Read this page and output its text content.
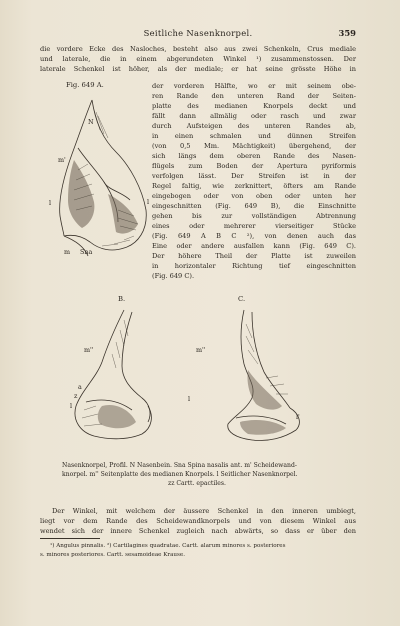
Seitliche Nasenknorpel.	359
die vordere Ecke des Nasloches, besteht also aus zwei Schenkeln, Crus mediale
und laterale, die in einem abgerundeten Winkel ¹) zusammenstossen. Der
laterale Schenkel ist höher, als der mediale; er hat seine grösste Höhe in
Fig. 649 A.	der vorderen Hälfte, wo er mit seinem obe-
ren Rande den unteren Rand der Seiten-
platte des medianen Knorpels deckt und
fällt dann allmälig oder rasch und zwar
durch Aufsteigen des unteren Randes ab,
in einen schmalen und dünnen Streifen
(von 0,5 Mm. Mächtigkeit) übergehend, der
sich längs dem oberen Rande des Nasen-
flügels zum Boden der Apertura pyriformis
verfolgen lässt. Der Streifen ist in der
Regel faltig, wie zerknittert, öfters am Rande
eingebogen oder von oben oder unten her
eingeschnitten (Fig. 649 B), die Einschnitte
gehen bis zur vollständigen Abtrennung
eines oder mehrerer vierseitiger Stücke
(Fig. 649 A B C ²), von denen auch das
Eine oder andere ausfallen kann (Fig. 649 C).
Der höhere Theil der Platte ist zuweilen
in horizontaler Richtung tief eingeschnitten
(Fig. 649 C).
N
m'
l	l
m Sna
B.	C.
m''
a
z
l
m''
l
l'
Nasenknorpel, Profil. N Nasenbein. Sna Spina nasalis ant. m' Scheidewand-
knorpel. m'' Seitenplatte des medianen Knorpels. l Seitlicher Nasenknorpel.
zz Cartt. epactiles.
Der Winkel, mit welchem der äussere Schenkel in den inneren umbiegt,
liegt vor dem Rande des Scheidewandknorpels und von diesem Winkel aus
wendet sich der innere Schenkel zugleich nach abwärts, so dass er über den
¹) Angulus pinnalis. ²) Cartilagines quadratae. Cartt. alarum minores s. posteriores
s. minores posteriores. Cartt. sesamoideae Krause.
